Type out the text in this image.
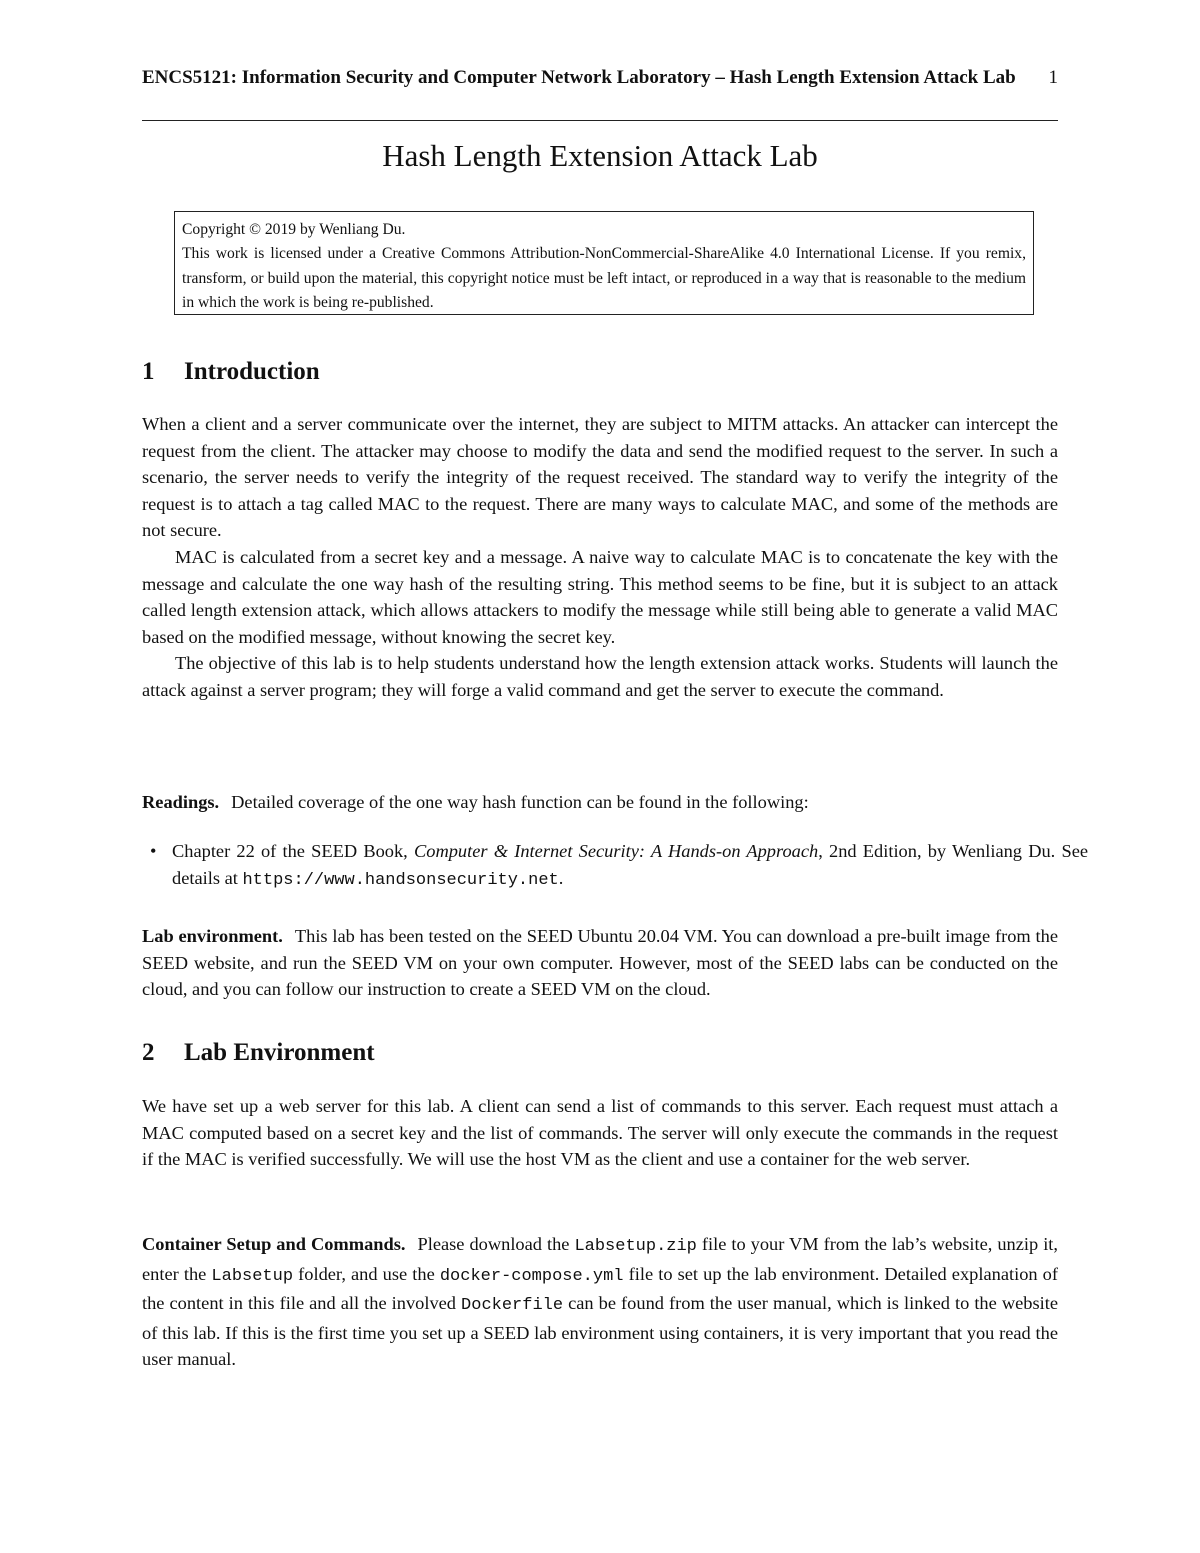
ENCS5121: Information Security and Computer Network Laboratory – Hash Length Extension Attack Lab 1
Hash Length Extension Attack Lab
Copyright © 2019 by Wenliang Du.
This work is licensed under a Creative Commons Attribution-NonCommercial-ShareAlike 4.0 International License. If you remix, transform, or build upon the material, this copyright notice must be left intact, or reproduced in a way that is reasonable to the medium in which the work is being re-published.
1 Introduction

When a client and a server communicate over the internet, they are subject to MITM attacks. An attacker can intercept the request from the client. The attacker may choose to modify the data and send the modified request to the server. In such a scenario, the server needs to verify the integrity of the request received. The standard way to verify the integrity of the request is to attach a tag called MAC to the request. There are many ways to calculate MAC, and some of the methods are not secure.

MAC is calculated from a secret key and a message. A naive way to calculate MAC is to concatenate the key with the message and calculate the one way hash of the resulting string. This method seems to be fine, but it is subject to an attack called length extension attack, which allows attackers to modify the message while still being able to generate a valid MAC based on the modified message, without knowing the secret key.

The objective of this lab is to help students understand how the length extension attack works. Students will launch the attack against a server program; they will forge a valid command and get the server to execute the command.

Readings. Detailed coverage of the one way hash function can be found in the following:

• Chapter 22 of the SEED Book, Computer & Internet Security: A Hands-on Approach, 2nd Edition, by Wenliang Du. See details at https://www.handsonsecurity.net.

Lab environment. This lab has been tested on the SEED Ubuntu 20.04 VM. You can download a pre-built image from the SEED website, and run the SEED VM on your own computer. However, most of the SEED labs can be conducted on the cloud, and you can follow our instruction to create a SEED VM on the cloud.

2 Lab Environment

We have set up a web server for this lab. A client can send a list of commands to this server. Each request must attach a MAC computed based on a secret key and the list of commands. The server will only execute the commands in the request if the MAC is verified successfully. We will use the host VM as the client and use a container for the web server.

Container Setup and Commands. Please download the Labsetup.zip file to your VM from the lab’s website, unzip it, enter the Labsetup folder, and use the docker-compose.yml file to set up the lab environment. Detailed explanation of the content in this file and all the involved Dockerfile can be found from the user manual, which is linked to the website of this lab. If this is the first time you set up a SEED lab environment using containers, it is very important that you read the user manual.
